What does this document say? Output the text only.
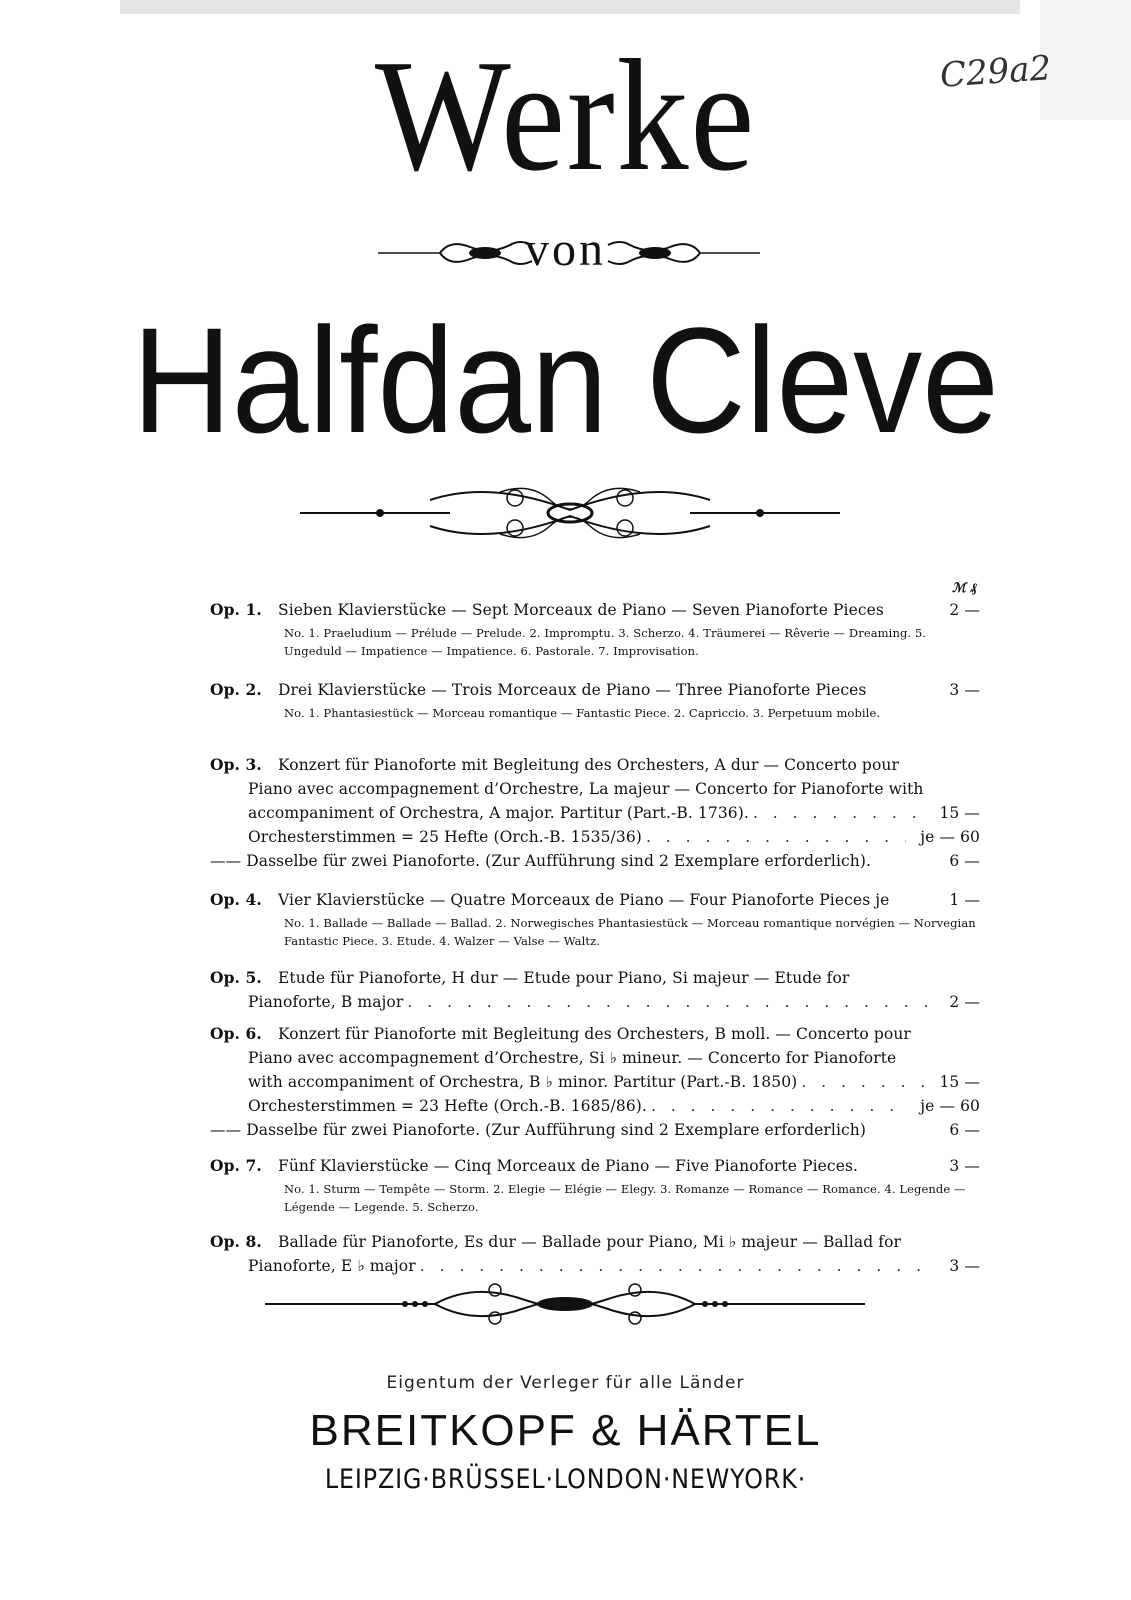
Werke	C29a2
von
Halfdan Cleve
ℳ ₰
Op. 1.	Sieben Klavierstücke — Sept Morceaux de Piano — Seven Pianoforte Pieces	2 —
No. 1. Praeludium — Prélude — Prelude. 2. Impromptu. 3. Scherzo. 4. Träumerei — Rêverie — Dreaming. 5. Ungeduld — Impatience — Impatience. 6. Pastorale. 7. Improvisation.
Op. 2.	Drei Klavierstücke — Trois Morceaux de Piano — Three Pianoforte Pieces	3 —
No. 1. Phantasiestück — Morceau romantique — Fantastic Piece. 2. Capriccio. 3. Perpetuum mobile.
Op. 3.	Konzert für Pianoforte mit Begleitung des Orchesters, A dur — Concerto pour
Piano avec accompagnement d’Orchestre, La majeur — Concerto for Pianoforte with
accompaniment of Orchestra, A major. Partitur (Part.-B. 1736). . . .	15 —
Orchesterstimmen = 25 Hefte (Orch.-B. 1535/36) . . .	je — 60
—— Dasselbe für zwei Pianoforte. (Zur Aufführung sind 2 Exemplare erforderlich).	6 —
Op. 4.	Vier Klavierstücke — Quatre Morceaux de Piano — Four Pianoforte Pieces je	1 —
No. 1. Ballade — Ballade — Ballad. 2. Norwegisches Phantasiestück — Morceau romantique norvégien — Norvegian Fantastic Piece. 3. Etude. 4. Walzer — Valse — Waltz.
Op. 5.	Etude für Pianoforte, H dur — Etude pour Piano, Si majeur — Etude for
Pianoforte, B major . . .	2 —
Op. 6.	Konzert für Pianoforte mit Begleitung des Orchesters, B moll. — Concerto pour
Piano avec accompagnement d’Orchestre, Si ♭ mineur. — Concerto for Pianoforte
with accompaniment of Orchestra, B ♭ minor. Partitur (Part.-B. 1850) . . .	15 —
Orchesterstimmen = 23 Hefte (Orch.-B. 1685/86). . . .	je — 60
—— Dasselbe für zwei Pianoforte. (Zur Aufführung sind 2 Exemplare erforderlich)	6 —
Op. 7.	Fünf Klavierstücke — Cinq Morceaux de Piano — Five Pianoforte Pieces.	3 —
No. 1. Sturm — Tempête — Storm. 2. Elegie — Elégie — Elegy. 3. Romanze — Romance — Romance. 4. Legende — Légende — Legende. 5. Scherzo.
Op. 8.	Ballade für Pianoforte, Es dur — Ballade pour Piano, Mi ♭ majeur — Ballad for
Pianoforte, E ♭ major . . .	3 —
Eigentum der Verleger für alle Länder
BREITKOPF & HÄRTEL
LEIPZIG·BRÜSSEL·LONDON·NEWYORK·
